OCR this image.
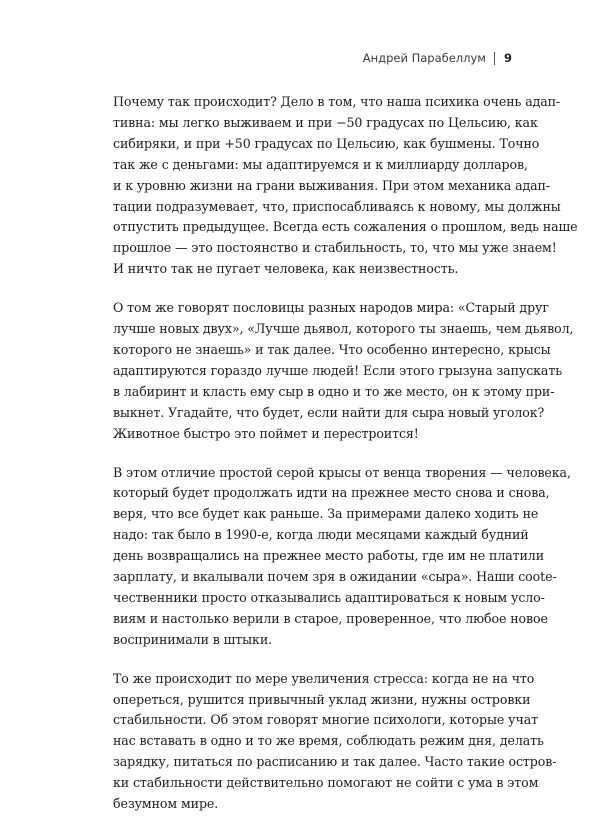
Андрей Парабеллум 9

Почему так происходит? Дело в том, что наша психика очень адап-
тивна: мы легко выживаем и при −50 градусах по Цельсию, как
сибиряки, и при +50 градусах по Цельсию, как бушмены. Точно
так же с деньгами: мы адаптируемся и к миллиарду долларов,
и к уровню жизни на грани выживания. При этом механика адап-
тации подразумевает, что, приспосабливаясь к новому, мы должны
отпустить предыдущее. Всегда есть сожаления о прошлом, ведь наше
прошлое — это постоянство и стабильность, то, что мы уже знаем!
И ничто так не пугает человека, как неизвестность.

О том же говорят пословицы разных народов мира: «Старый друг
лучше новых двух», «Лучше дьявол, которого ты знаешь, чем дьявол,
которого не знаешь» и так далее. Что особенно интересно, крысы
адаптируются гораздо лучше людей! Если этого грызуна запускать
в лабиринт и класть ему сыр в одно и то же место, он к этому при-
выкнет. Угадайте, что будет, если найти для сыра новый уголок?
Животное быстро это поймет и перестроится!

В этом отличие простой серой крысы от венца творения — человека,
который будет продолжать идти на прежнее место снова и снова,
веря, что все будет как раньше. За примерами далеко ходить не
надо: так было в 1990-е, когда люди месяцами каждый будний
день возвращались на прежнее место работы, где им не платили
зарплату, и вкалывали почем зря в ожидании «сыра». Наши соote-
чественники просто отказывались адаптироваться к новым усло-
виям и настолько верили в старое, проверенное, что любое новое
воспринимали в штыки.

То же происходит по мере увеличения стресса: когда не на что
опереться, рушится привычный уклад жизни, нужны островки
стабильности. Об этом говорят многие психологи, которые учат
нас вставать в одно и то же время, соблюдать режим дня, делать
зарядку, питаться по расписанию и так далее. Часто такие остров-
ки стабильности действительно помогают не сойти с ума в этом
безумном мире.
